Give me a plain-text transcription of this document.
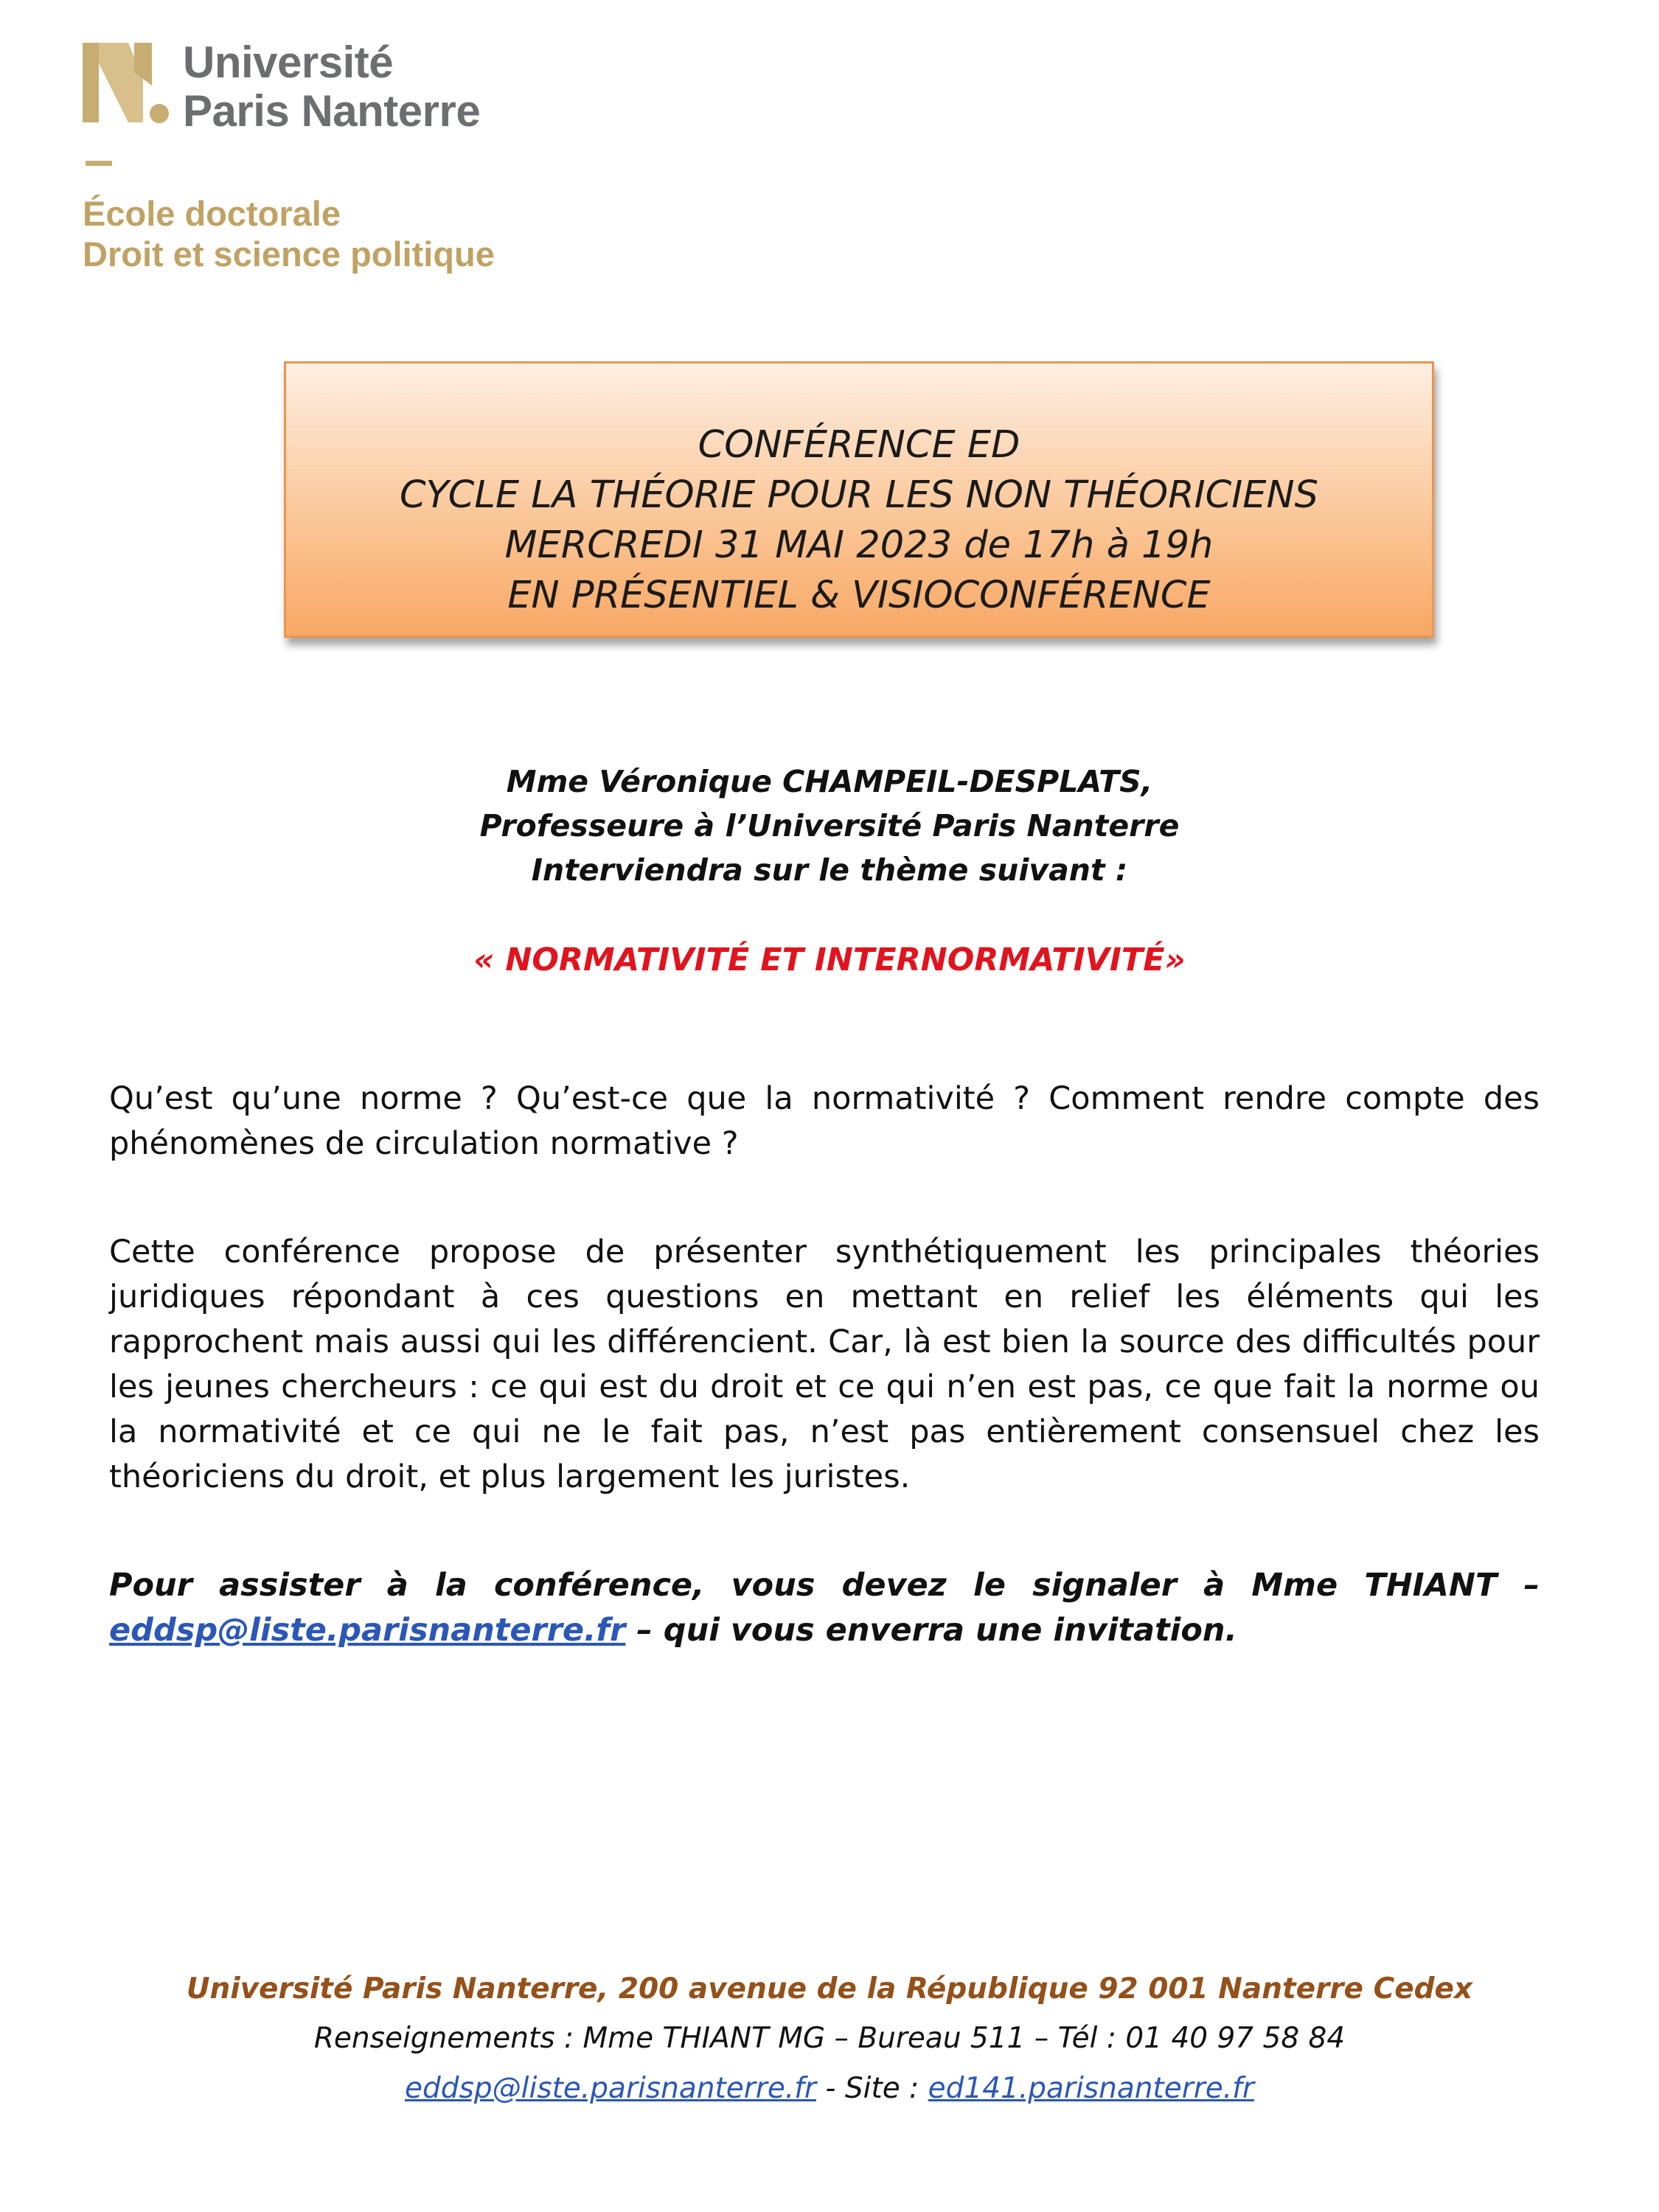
Université
Paris Nanterre
École doctorale
Droit et science politique
CONFÉRENCE ED
CYCLE LA THÉORIE POUR LES NON THÉORICIENS
MERCREDI 31 MAI 2023 de 17h à 19h
EN PRÉSENTIEL & VISIOCONFÉRENCE
Mme Véronique CHAMPEIL-DESPLATS,
Professeure à l’Université Paris Nanterre
Interviendra sur le thème suivant :
« NORMATIVITÉ ET INTERNORMATIVITÉ»
Qu’est qu’une norme ? Qu’est-ce que la normativité ? Comment rendre compte des phénomènes de circulation normative ?
Cette conférence propose de présenter synthétiquement les principales théories juridiques répondant à ces questions en mettant en relief les éléments qui les rapprochent mais aussi qui les différencient. Car, là est bien la source des difficultés pour les jeunes chercheurs : ce qui est du droit et ce qui n’en est pas, ce que fait la norme ou la normativité et ce qui ne le fait pas, n’est pas entièrement consensuel chez les théoriciens du droit, et plus largement les juristes.
Pour assister à la conférence, vous devez le signaler à Mme THIANT – eddsp@liste.parisnanterre.fr – qui vous enverra une invitation.
Université Paris Nanterre, 200 avenue de la République 92 001 Nanterre Cedex
Renseignements : Mme THIANT MG – Bureau 511 – Tél : 01 40 97 58 84
eddsp@liste.parisnanterre.fr - Site : ed141.parisnanterre.fr
